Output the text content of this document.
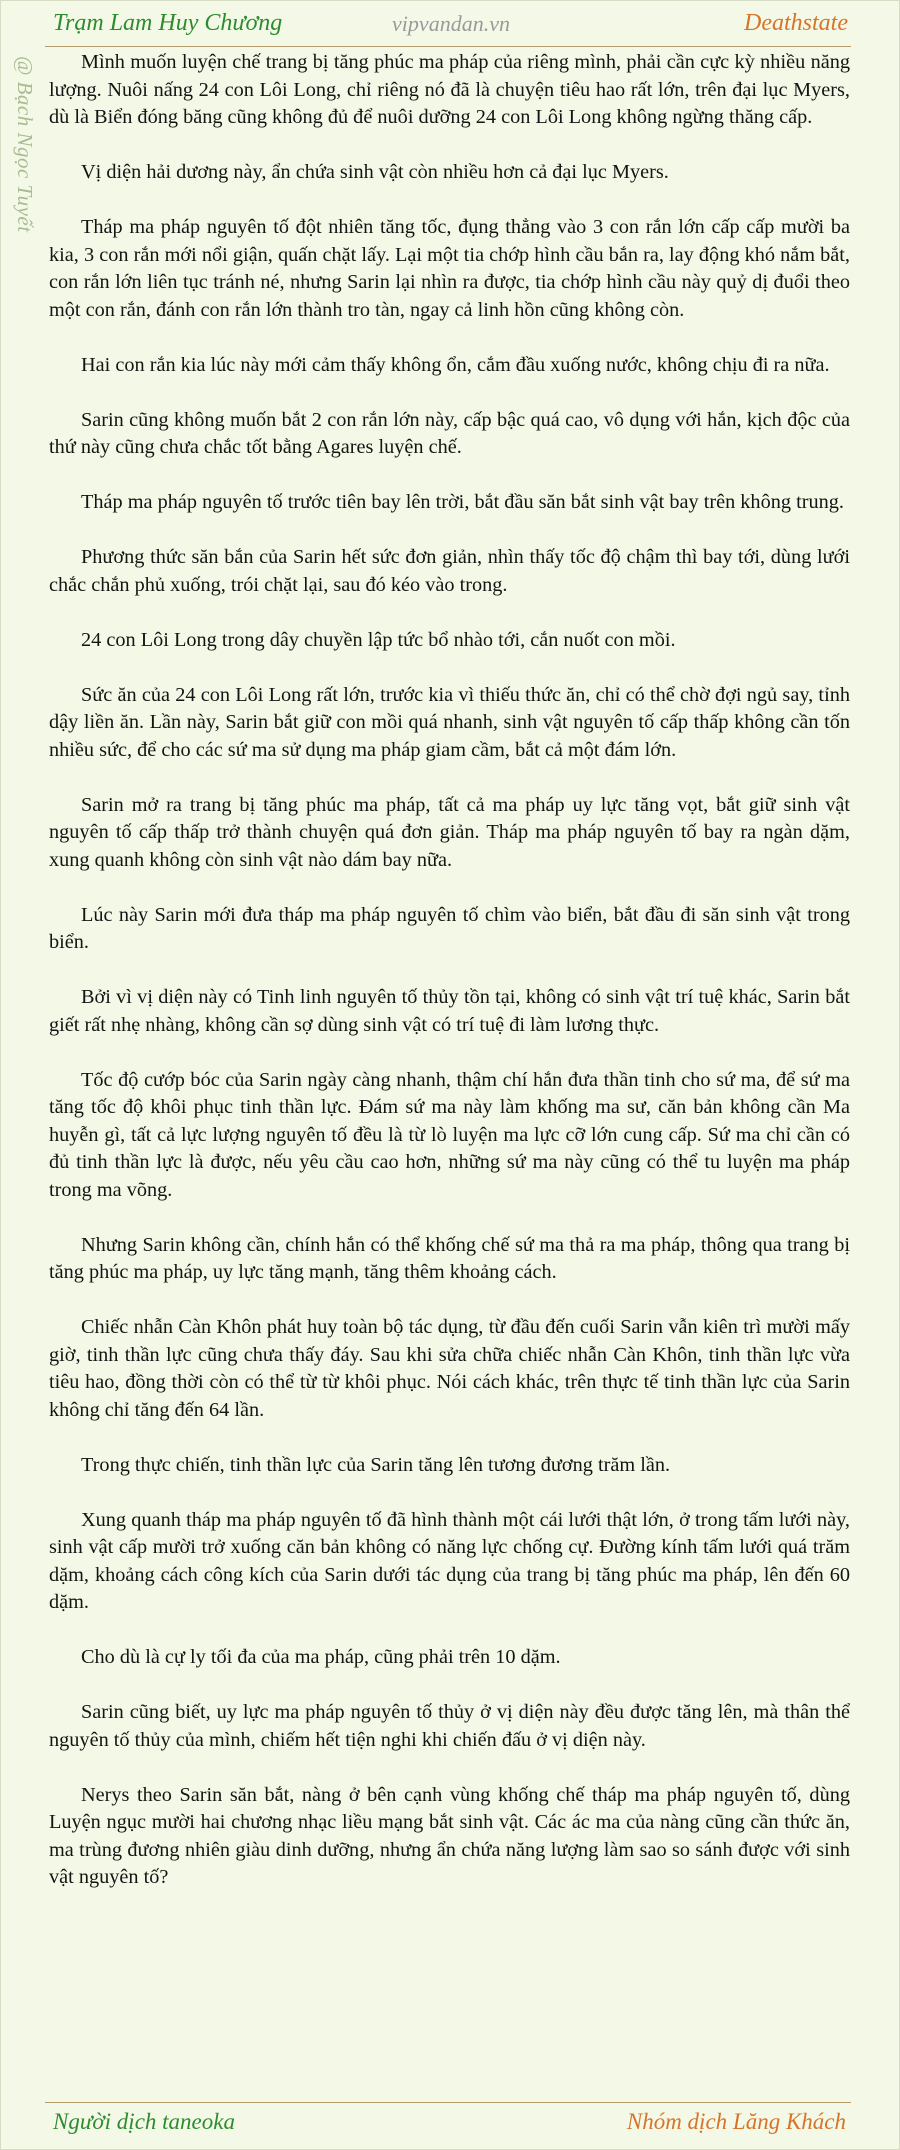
Trạm Lam Huy Chương	vipvandan.vn	Deathstate
@ Bạch Ngọc Tuyết	Mình muốn luyện chế trang bị tăng phúc ma pháp của riêng mình, phải cần cực kỳ nhiều năng lượng. Nuôi nấng 24 con Lôi Long, chỉ riêng nó đã là chuyện tiêu hao rất lớn, trên đại lục Myers, dù là Biển đóng băng cũng không đủ để nuôi dưỡng 24 con Lôi Long không ngừng thăng cấp.

Vị diện hải dương này, ẩn chứa sinh vật còn nhiều hơn cả đại lục Myers.

Tháp ma pháp nguyên tố đột nhiên tăng tốc, đụng thẳng vào 3 con rắn lớn cấp cấp mười ba kia, 3 con rắn mới nổi giận, quấn chặt lấy. Lại một tia chớp hình cầu bắn ra, lay động khó nắm bắt, con rắn lớn liên tục tránh né, nhưng Sarin lại nhìn ra được, tia chớp hình cầu này quỷ dị đuổi theo một con rắn, đánh con rắn lớn thành tro tàn, ngay cả linh hồn cũng không còn.

Hai con rắn kia lúc này mới cảm thấy không ổn, cắm đầu xuống nước, không chịu đi ra nữa.

Sarin cũng không muốn bắt 2 con rắn lớn này, cấp bậc quá cao, vô dụng với hắn, kịch độc của thứ này cũng chưa chắc tốt bằng Agares luyện chế.

Tháp ma pháp nguyên tố trước tiên bay lên trời, bắt đầu săn bắt sinh vật bay trên không trung.

Phương thức săn bắn của Sarin hết sức đơn giản, nhìn thấy tốc độ chậm thì bay tới, dùng lưới chắc chắn phủ xuống, trói chặt lại, sau đó kéo vào trong.

24 con Lôi Long trong dây chuyền lập tức bổ nhào tới, cắn nuốt con mồi.

Sức ăn của 24 con Lôi Long rất lớn, trước kia vì thiếu thức ăn, chỉ có thể chờ đợi ngủ say, tỉnh dậy liền ăn. Lần này, Sarin bắt giữ con mồi quá nhanh, sinh vật nguyên tố cấp thấp không cần tốn nhiều sức, để cho các sứ ma sử dụng ma pháp giam cầm, bắt cả một đám lớn.

Sarin mở ra trang bị tăng phúc ma pháp, tất cả ma pháp uy lực tăng vọt, bắt giữ sinh vật nguyên tố cấp thấp trở thành chuyện quá đơn giản. Tháp ma pháp nguyên tố bay ra ngàn dặm, xung quanh không còn sinh vật nào dám bay nữa.

Lúc này Sarin mới đưa tháp ma pháp nguyên tố chìm vào biển, bắt đầu đi săn sinh vật trong biển.

Bởi vì vị diện này có Tinh linh nguyên tố thủy tồn tại, không có sinh vật trí tuệ khác, Sarin bắt giết rất nhẹ nhàng, không cần sợ dùng sinh vật có trí tuệ đi làm lương thực.

Tốc độ cướp bóc của Sarin ngày càng nhanh, thậm chí hắn đưa thần tinh cho sứ ma, để sứ ma tăng tốc độ khôi phục tinh thần lực. Đám sứ ma này làm khống ma sư, căn bản không cần Ma huyễn gì, tất cả lực lượng nguyên tố đều là từ lò luyện ma lực cỡ lớn cung cấp. Sứ ma chỉ cần có đủ tinh thần lực là được, nếu yêu cầu cao hơn, những sứ ma này cũng có thể tu luyện ma pháp trong ma võng.

Nhưng Sarin không cần, chính hắn có thể khống chế sứ ma thả ra ma pháp, thông qua trang bị tăng phúc ma pháp, uy lực tăng mạnh, tăng thêm khoảng cách.

Chiếc nhẫn Càn Khôn phát huy toàn bộ tác dụng, từ đầu đến cuối Sarin vẫn kiên trì mười mấy giờ, tinh thần lực cũng chưa thấy đáy. Sau khi sửa chữa chiếc nhẫn Càn Khôn, tinh thần lực vừa tiêu hao, đồng thời còn có thể từ từ khôi phục. Nói cách khác, trên thực tế tinh thần lực của Sarin không chỉ tăng đến 64 lần.

Trong thực chiến, tinh thần lực của Sarin tăng lên tương đương trăm lần.

Xung quanh tháp ma pháp nguyên tố đã hình thành một cái lưới thật lớn, ở trong tấm lưới này, sinh vật cấp mười trở xuống căn bản không có năng lực chống cự. Đường kính tấm lưới quá trăm dặm, khoảng cách công kích của Sarin dưới tác dụng của trang bị tăng phúc ma pháp, lên đến 60 dặm.

Cho dù là cự ly tối đa của ma pháp, cũng phải trên 10 dặm.

Sarin cũng biết, uy lực ma pháp nguyên tố thủy ở vị diện này đều được tăng lên, mà thân thể nguyên tố thủy của mình, chiếm hết tiện nghi khi chiến đấu ở vị diện này.

Nerys theo Sarin săn bắt, nàng ở bên cạnh vùng khống chế tháp ma pháp nguyên tố, dùng Luyện ngục mười hai chương nhạc liều mạng bắt sinh vật. Các ác ma của nàng cũng cần thức ăn, ma trùng đương nhiên giàu dinh dưỡng, nhưng ẩn chứa năng lượng làm sao so sánh được với sinh vật nguyên tố?

Người dịch taneoka	Nhóm dịch Lăng Khách
